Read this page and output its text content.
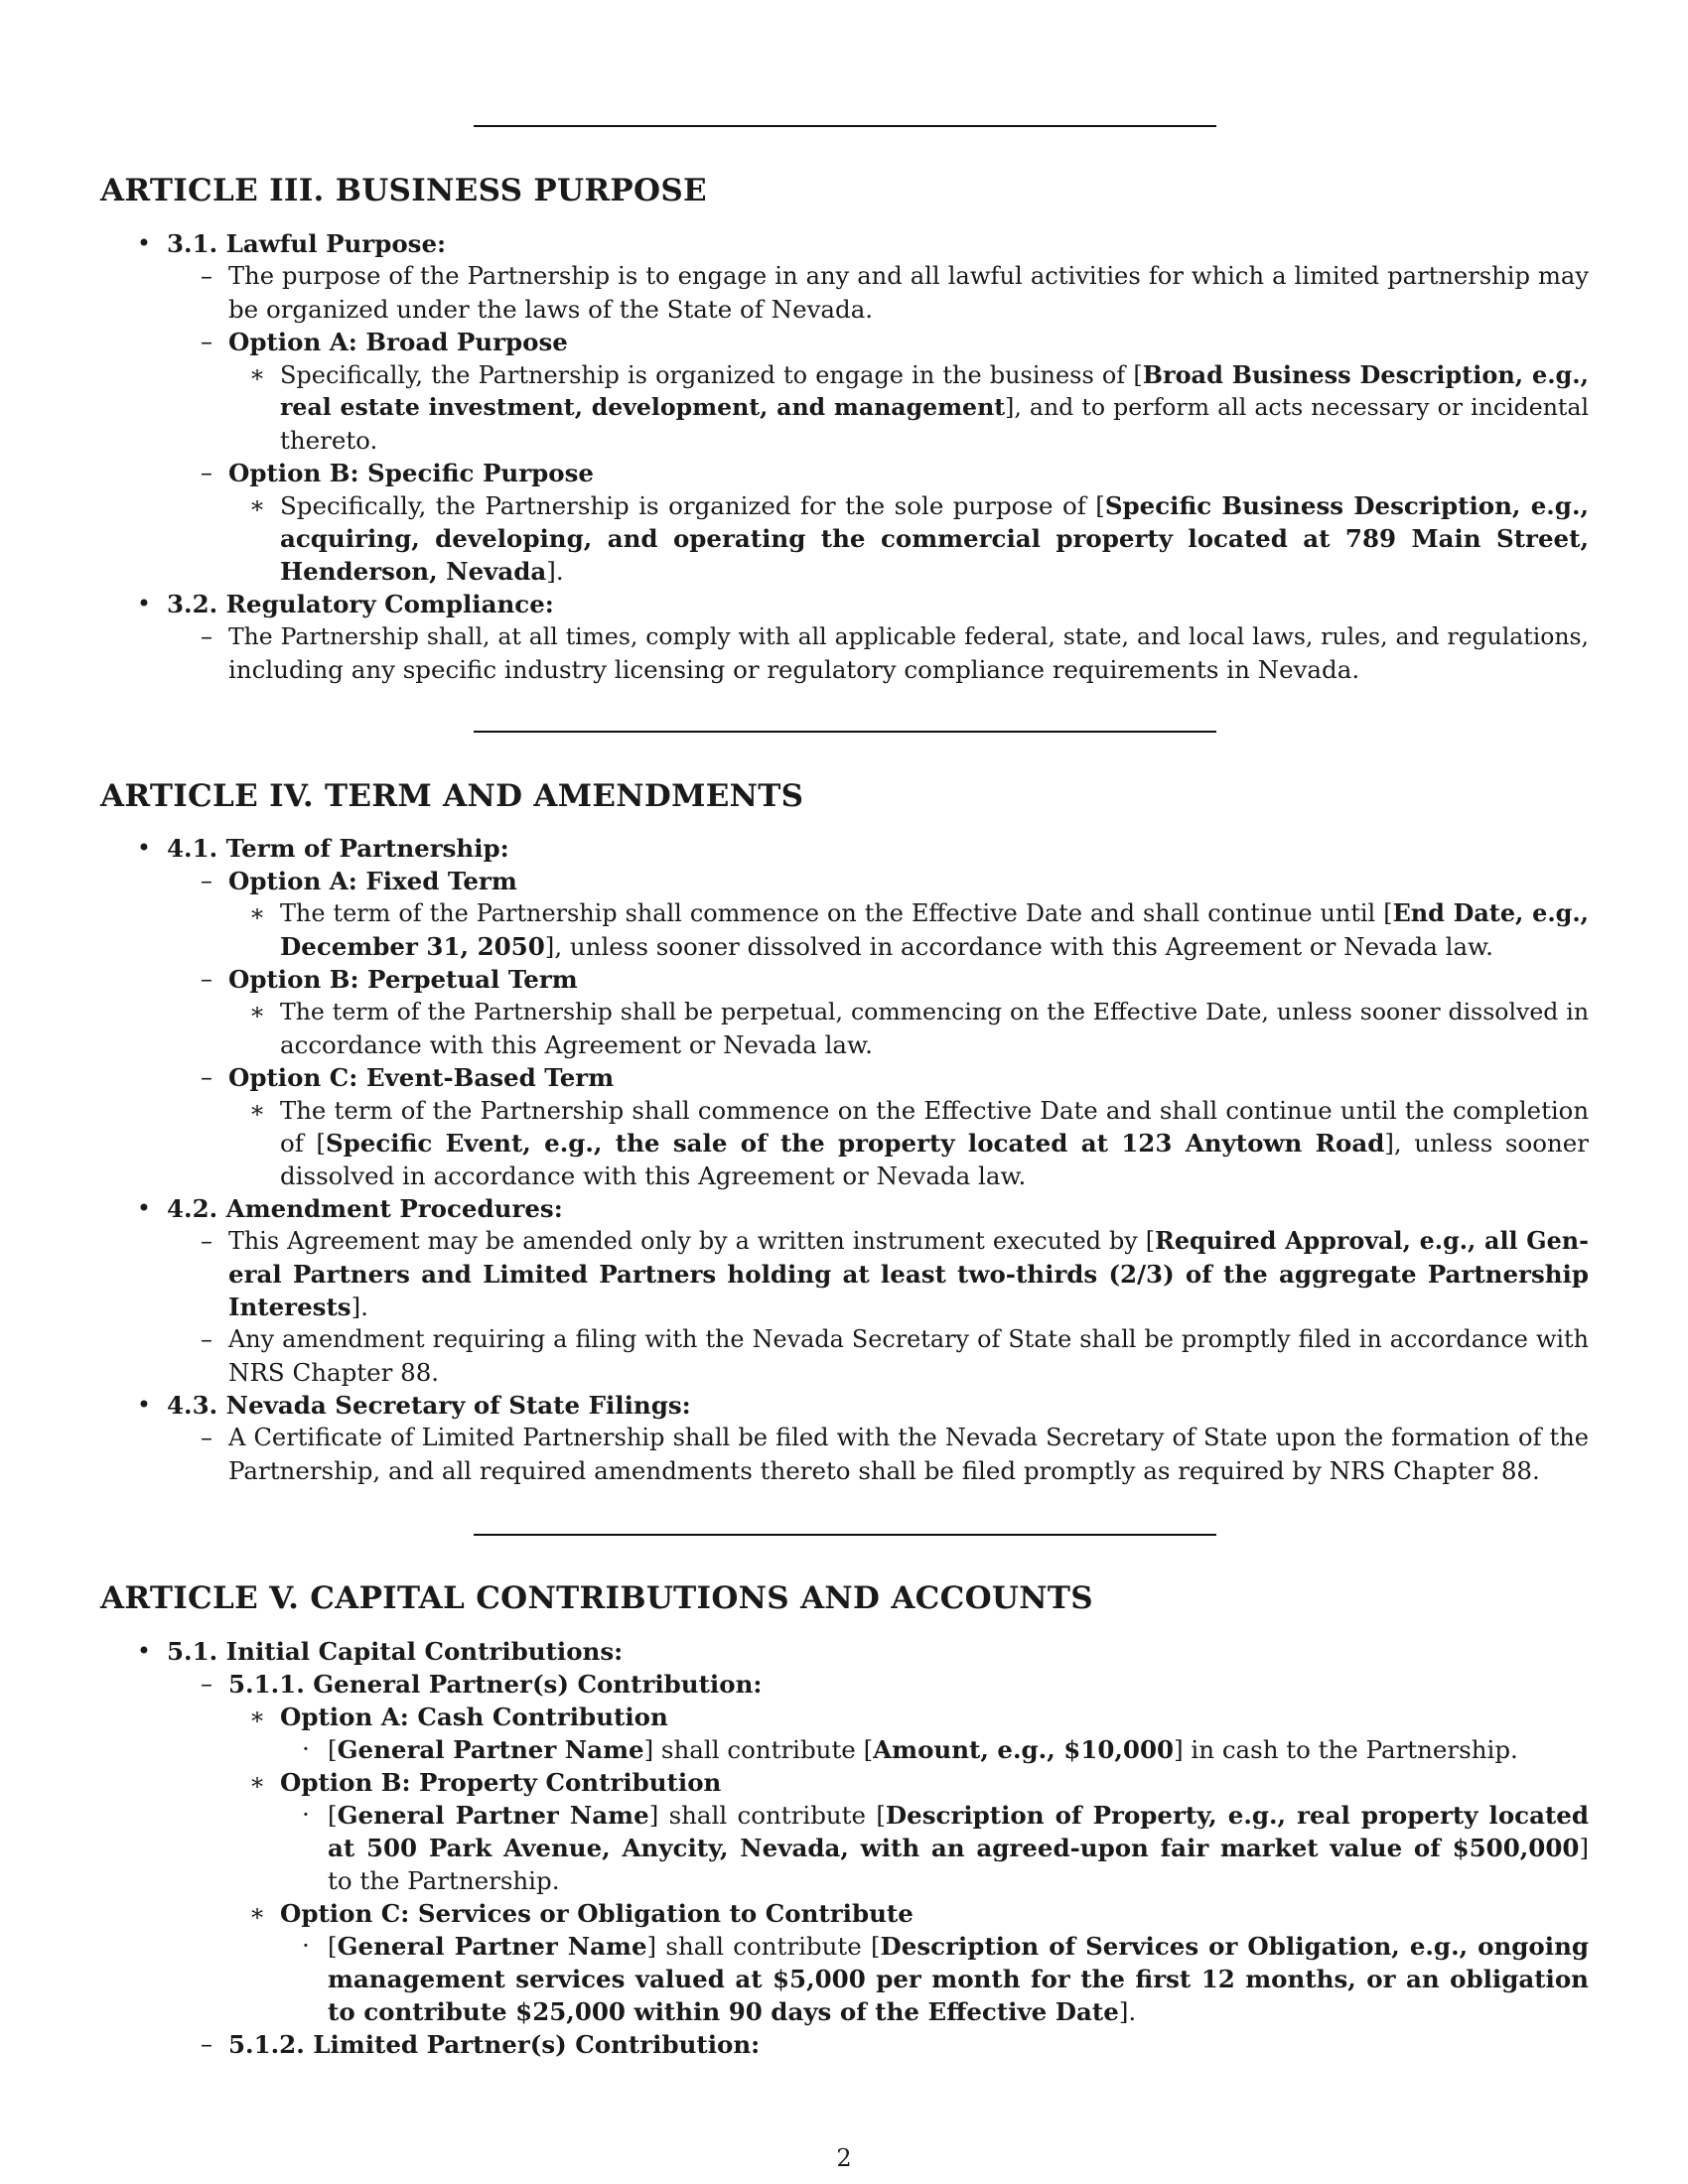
ARTICLE III. BUSINESS PURPOSE
• 3.1. Lawful Purpose:
– The purpose of the Partnership is to engage in any and all lawful activities for which a limited partnership may
be organized under the laws of the State of Nevada.
– Option A: Broad Purpose
∗ Specifically, the Partnership is organized to engage in the business of [Broad Business Description, e.g.,
real estate investment, development, and management], and to perform all acts necessary or incidental
thereto.
– Option B: Specific Purpose
∗ Specifically, the Partnership is organized for the sole purpose of [Specific Business Description, e.g.,
acquiring, developing, and operating the commercial property located at 789 Main Street,
Henderson, Nevada].
• 3.2. Regulatory Compliance:
– The Partnership shall, at all times, comply with all applicable federal, state, and local laws, rules, and regulations,
including any specific industry licensing or regulatory compliance requirements in Nevada.
ARTICLE IV. TERM AND AMENDMENTS
• 4.1. Term of Partnership:
– Option A: Fixed Term
∗ The term of the Partnership shall commence on the Effective Date and shall continue until [End Date, e.g.,
December 31, 2050], unless sooner dissolved in accordance with this Agreement or Nevada law.
– Option B: Perpetual Term
∗ The term of the Partnership shall be perpetual, commencing on the Effective Date, unless sooner dissolved in
accordance with this Agreement or Nevada law.
– Option C: Event-Based Term
∗ The term of the Partnership shall commence on the Effective Date and shall continue until the completion
of [Specific Event, e.g., the sale of the property located at 123 Anytown Road], unless sooner
dissolved in accordance with this Agreement or Nevada law.
• 4.2. Amendment Procedures:
– This Agreement may be amended only by a written instrument executed by [Required Approval, e.g., all Gen-
eral Partners and Limited Partners holding at least two-thirds (2/3) of the aggregate Partnership
Interests].
– Any amendment requiring a filing with the Nevada Secretary of State shall be promptly filed in accordance with
NRS Chapter 88.
• 4.3. Nevada Secretary of State Filings:
– A Certificate of Limited Partnership shall be filed with the Nevada Secretary of State upon the formation of the
Partnership, and all required amendments thereto shall be filed promptly as required by NRS Chapter 88.
ARTICLE V. CAPITAL CONTRIBUTIONS AND ACCOUNTS
• 5.1. Initial Capital Contributions:
– 5.1.1. General Partner(s) Contribution:
∗ Option A: Cash Contribution
· [General Partner Name] shall contribute [Amount, e.g., $10,000] in cash to the Partnership.
∗ Option B: Property Contribution
· [General Partner Name] shall contribute [Description of Property, e.g., real property located
at 500 Park Avenue, Anycity, Nevada, with an agreed-upon fair market value of $500,000]
to the Partnership.
∗ Option C: Services or Obligation to Contribute
· [General Partner Name] shall contribute [Description of Services or Obligation, e.g., ongoing
management services valued at $5,000 per month for the first 12 months, or an obligation
to contribute $25,000 within 90 days of the Effective Date].
– 5.1.2. Limited Partner(s) Contribution:
2
